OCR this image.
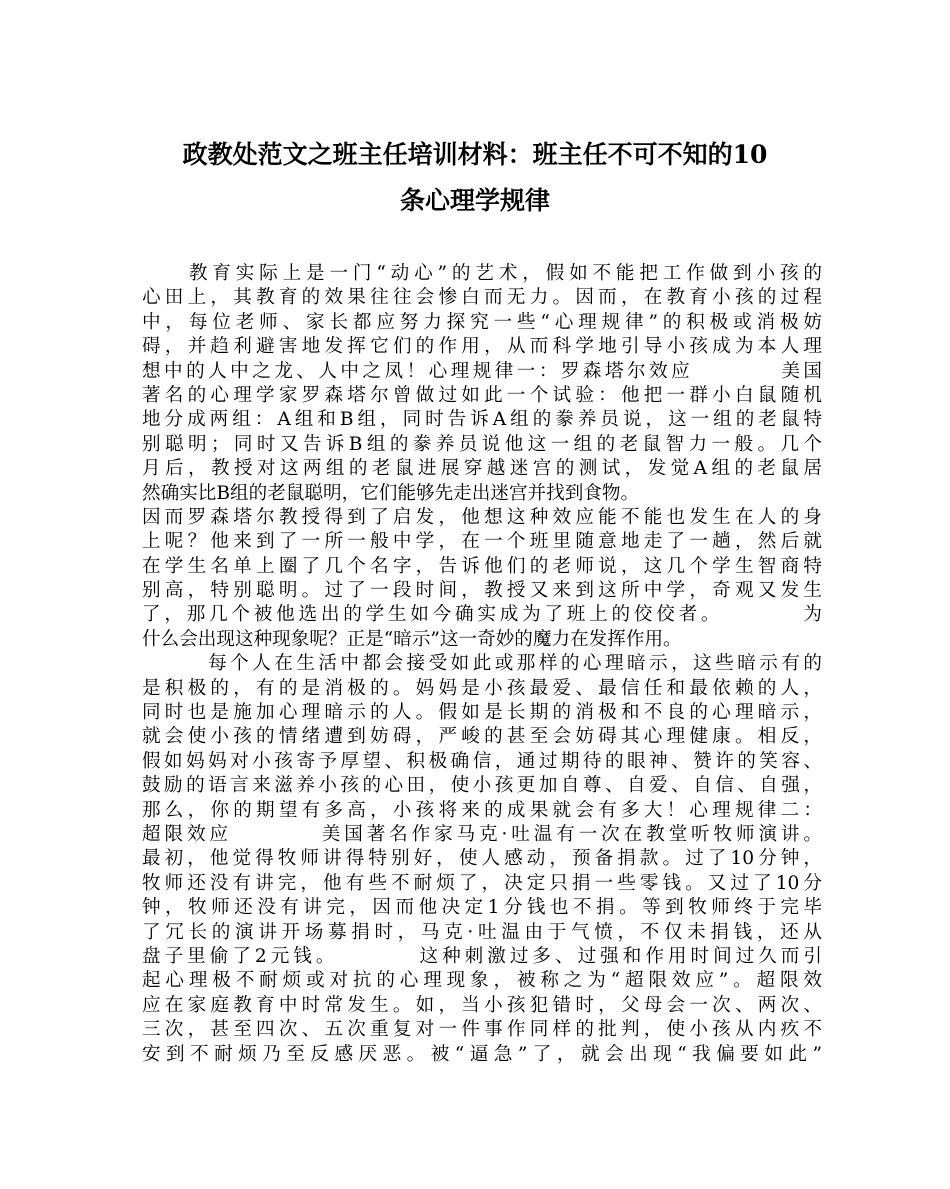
政教处范文之班主任培训材料：班主任不可不知的10
条心理学规律
　　教育实际上是一门“动心”的艺术，假如不能把工作做到小孩的
心田上，其教育的效果往往会惨白而无力。因而，在教育小孩的过程
中，每位老师、家长都应努力探究一些“心理规律”的积极或消极妨
碍，并趋利避害地发挥它们的作用，从而科学地引导小孩成为本人理
想中的人中之龙、人中之凤！心理规律一：罗森塔尔效应　　　　美国
著名的心理学家罗森塔尔曾做过如此一个试验：他把一群小白鼠随机
地分成两组：A组和B组，同时告诉A组的豢养员说，这一组的老鼠特
别聪明；同时又告诉B组的豢养员说他这一组的老鼠智力一般。几个
月后，教授对这两组的老鼠进展穿越迷宫的测试，发觉A组的老鼠居
然确实比B组的老鼠聪明，它们能够先走出迷宫并找到食物。
因而罗森塔尔教授得到了启发，他想这种效应能不能也发生在人的身
上呢？他来到了一所一般中学，在一个班里随意地走了一趟，然后就
在学生名单上圈了几个名字，告诉他们的老师说，这几个学生智商特
别高，特别聪明。过了一段时间，教授又来到这所中学，奇观又发生
了，那几个被他选出的学生如今确实成为了班上的佼佼者。　　　　为
什么会出现这种现象呢？正是“暗示”这一奇妙的魔力在发挥作用。
　　　每个人在生活中都会接受如此或那样的心理暗示，这些暗示有的
是积极的，有的是消极的。妈妈是小孩最爱、最信任和最依赖的人，
同时也是施加心理暗示的人。假如是长期的消极和不良的心理暗示，
就会使小孩的情绪遭到妨碍，严峻的甚至会妨碍其心理健康。相反，
假如妈妈对小孩寄予厚望、积极确信，通过期待的眼神、赞许的笑容、
鼓励的语言来滋养小孩的心田，使小孩更加自尊、自爱、自信、自强，
那么，你的期望有多高，小孩将来的成果就会有多大！心理规律二：
超限效应　　　　美国著名作家马克·吐温有一次在教堂听牧师演讲。
最初，他觉得牧师讲得特别好，使人感动，预备捐款。过了10分钟，
牧师还没有讲完，他有些不耐烦了，决定只捐一些零钱。又过了10分
钟，牧师还没有讲完，因而他决定1分钱也不捐。等到牧师终于完毕
了冗长的演讲开场募捐时，马克·吐温由于气愤，不仅未捐钱，还从
盘子里偷了2元钱。　　　　这种刺激过多、过强和作用时间过久而引
起心理极不耐烦或对抗的心理现象，被称之为“超限效应”。超限效
应在家庭教育中时常发生。如，当小孩犯错时，父母会一次、两次、
三次，甚至四次、五次重复对一件事作同样的批判，使小孩从内疚不
安到不耐烦乃至反感厌恶。被“逼急”了，就会出现“我偏要如此”
